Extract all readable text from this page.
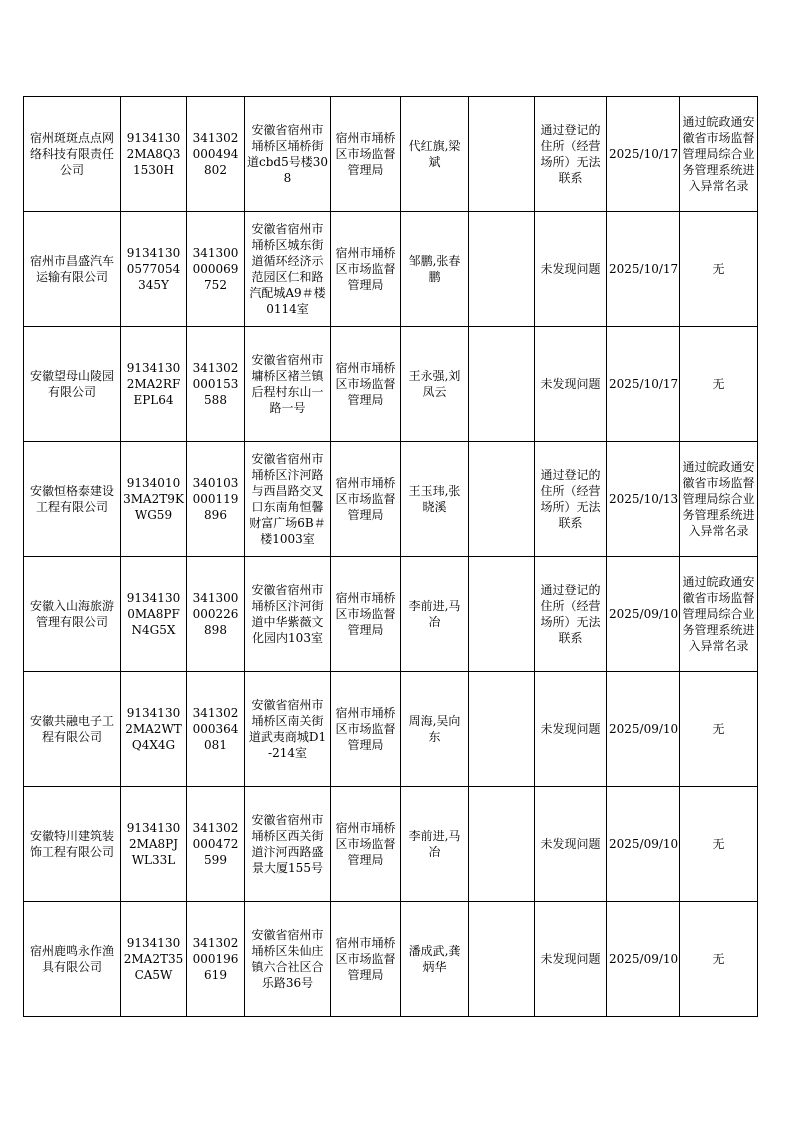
宿州斑斑点点网络科技有限责任公司	91341302MA8Q31530H	341302000494802	安徽省宿州市埇桥区埇桥街道cbd5号楼308	宿州市埇桥区市场监督管理局	代红旗,梁斌		通过登记的住所（经营场所）无法联系	2025/10/17	通过皖政通安徽省市场监督管理局综合业务管理系统进入异常名录
宿州市昌盛汽车运输有限公司	91341300577054345Y	341300000069752	安徽省宿州市埇桥区城东街道循环经济示范园区仁和路汽配城A9＃楼0114室	宿州市埇桥区市场监督管理局	邹鹏,张春鹏		未发现问题	2025/10/17	无
安徽望母山陵园有限公司	91341302MA2RFEPL64	341302000153588	安徽省宿州市墉桥区褚兰镇后程村东山一路一号	宿州市埇桥区市场监督管理局	王永强,刘凤云		未发现问题	2025/10/17	无
安徽恒格泰建设工程有限公司	91340103MA2T9KWG59	340103000119896	安徽省宿州市埇桥区汴河路与西昌路交叉口东南角恒馨财富广场6B＃楼1003室	宿州市埇桥区市场监督管理局	王玉玮,张晓溪		通过登记的住所（经营场所）无法联系	2025/10/13	通过皖政通安徽省市场监督管理局综合业务管理系统进入异常名录
安徽入山海旅游管理有限公司	91341300MA8PFN4G5X	341300000226898	安徽省宿州市埇桥区汴河街道中华紫薇文化园内103室	宿州市埇桥区市场监督管理局	李前进,马冶		通过登记的住所（经营场所）无法联系	2025/09/10	通过皖政通安徽省市场监督管理局综合业务管理系统进入异常名录
安徽共融电子工程有限公司	91341302MA2WTQ4X4G	341302000364081	安徽省宿州市埇桥区南关街道武夷商城D1-214室	宿州市埇桥区市场监督管理局	周海,吴向东		未发现问题	2025/09/10	无
安徽特川建筑装饰工程有限公司	91341302MA8PJWL33L	341302000472599	安徽省宿州市埇桥区西关街道汴河西路盛景大厦155号	宿州市埇桥区市场监督管理局	李前进,马冶		未发现问题	2025/09/10	无
宿州鹿鸣永作渔具有限公司	91341302MA2T35CA5W	341302000196619	安徽省宿州市埇桥区朱仙庄镇六合社区合乐路36号	宿州市埇桥区市场监督管理局	潘成武,龚炳华		未发现问题	2025/09/10	无
